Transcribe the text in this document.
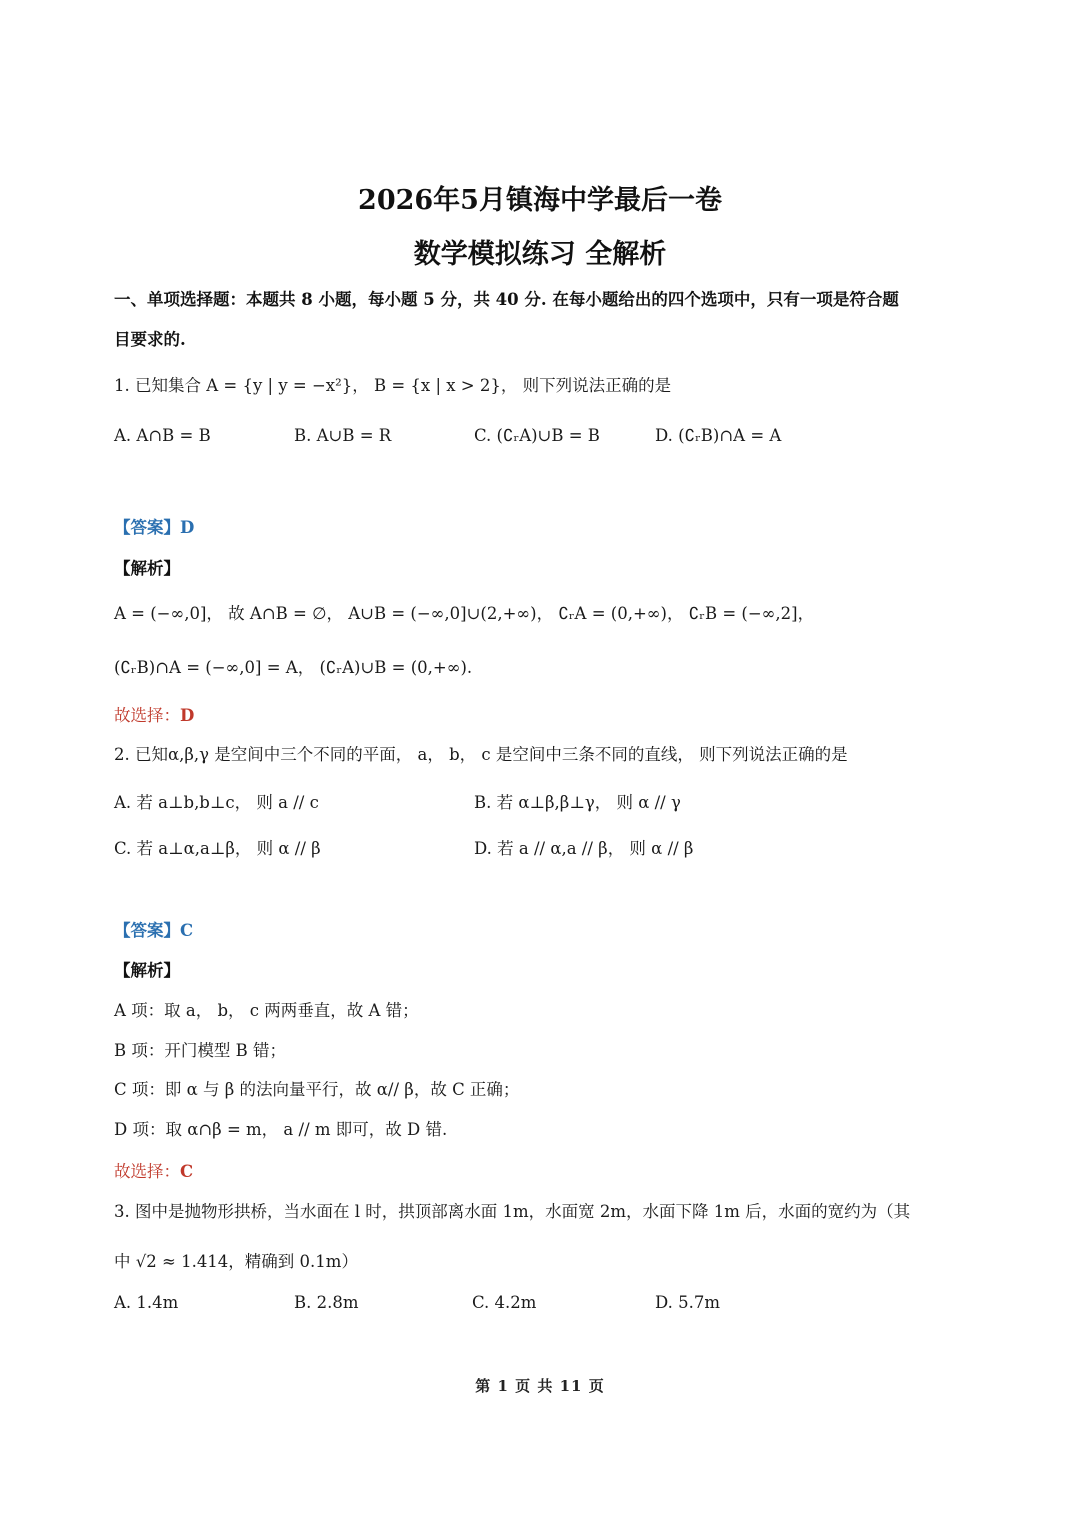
2026年5月镇海中学最后一卷
数学模拟练习 全解析
一、单项选择题：本题共 8 小题，每小题 5 分，共 40 分. 在每小题给出的四个选项中，只有一项是符合题
目要求的.
1. 已知集合 A = {y | y = −x²}， B = {x | x > 2}， 则下列说法正确的是
A. A∩B = B	B. A∪B = R	C. (∁ᵣA)∪B = B	D. (∁ᵣB)∩A = A
【答案】D
【解析】
A = (−∞,0]， 故 A∩B = ∅， A∪B = (−∞,0]∪(2,+∞)， ∁ᵣA = (0,+∞)， ∁ᵣB = (−∞,2]，
(∁ᵣB)∩A = (−∞,0] = A， (∁ᵣA)∪B = (0,+∞).
故选择：D
2. 已知α,β,γ 是空间中三个不同的平面， a， b， c 是空间中三条不同的直线， 则下列说法正确的是
A. 若 a⊥b,b⊥c， 则 a // c	B. 若 α⊥β,β⊥γ， 则 α // γ
C. 若 a⊥α,a⊥β， 则 α // β	D. 若 a // α,a // β， 则 α // β
【答案】C
【解析】
A 项：取 a， b， c 两两垂直，故 A 错；
B 项：开门模型 B 错；
C 项：即 α 与 β 的法向量平行，故 α// β，故 C 正确；
D 项：取 α∩β = m， a // m 即可，故 D 错.
故选择：C
3. 图中是抛物形拱桥，当水面在 l 时，拱顶部离水面 1m，水面宽 2m，水面下降 1m 后，水面的宽约为（其
中 √2 ≈ 1.414，精确到 0.1m）
A. 1.4m	B. 2.8m	C. 4.2m	D. 5.7m
第 1 页 共 11 页
